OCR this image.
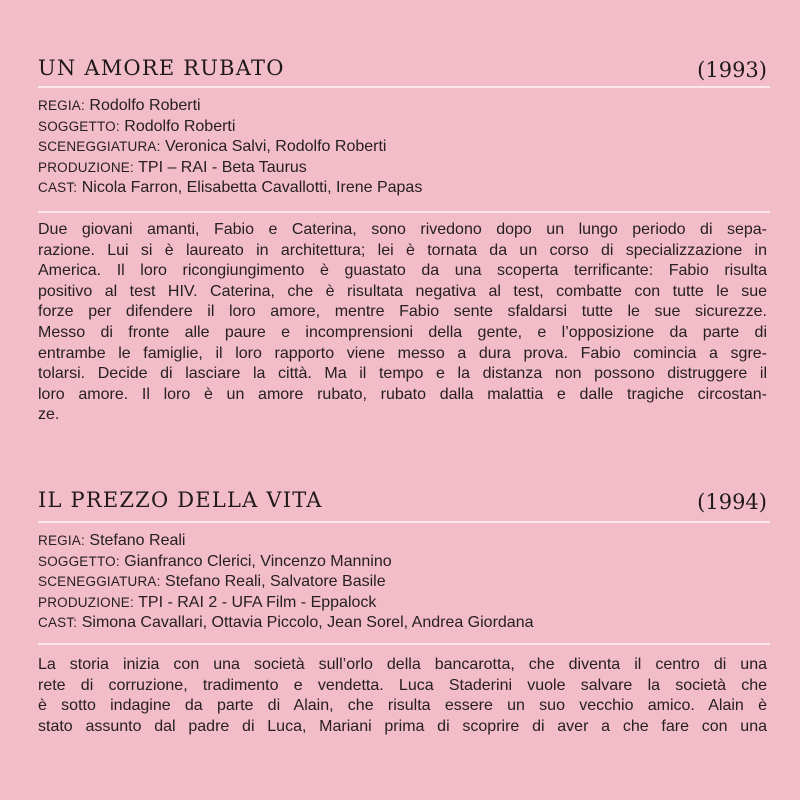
UN AMORE RUBATO	(1993)
REGIA: Rodolfo Roberti
SOGGETTO: Rodolfo Roberti
SCENEGGIATURA: Veronica Salvi, Rodolfo Roberti
PRODUZIONE: TPI – RAI - Beta Taurus
CAST: Nicola Farron, Elisabetta Cavallotti, Irene Papas
Due giovani amanti, Fabio e Caterina, sono rivedono dopo un lungo periodo di sepa-
razione. Lui si è laureato in architettura; lei è tornata da un corso di specializzazione in
America. Il loro ricongiungimento è guastato da una scoperta terrificante: Fabio risulta
positivo al test HIV. Caterina, che è risultata negativa al test, combatte con tutte le sue
forze per difendere il loro amore, mentre Fabio sente sfaldarsi tutte le sue sicurezze.
Messo di fronte alle paure e incomprensioni della gente, e l’opposizione da parte di
entrambe le famiglie, il loro rapporto viene messo a dura prova. Fabio comincia a sgre-
tolarsi. Decide di lasciare la città. Ma il tempo e la distanza non possono distruggere il
loro amore. Il loro è un amore rubato, rubato dalla malattia e dalle tragiche circostan-
ze.
IL PREZZO DELLA VITA	(1994)
REGIA: Stefano Reali
SOGGETTO: Gianfranco Clerici, Vincenzo Mannino
SCENEGGIATURA: Stefano Reali, Salvatore Basile
PRODUZIONE: TPI - RAI 2 - UFA Film - Eppalock
CAST: Simona Cavallari, Ottavia Piccolo, Jean Sorel, Andrea Giordana
La storia inizia con una società sull’orlo della bancarotta, che diventa il centro di una
rete di corruzione, tradimento e vendetta. Luca Staderini vuole salvare la società che
è sotto indagine da parte di Alain, che risulta essere un suo vecchio amico. Alain è
stato assunto dal padre di Luca, Mariani prima di scoprire di aver a che fare con una
